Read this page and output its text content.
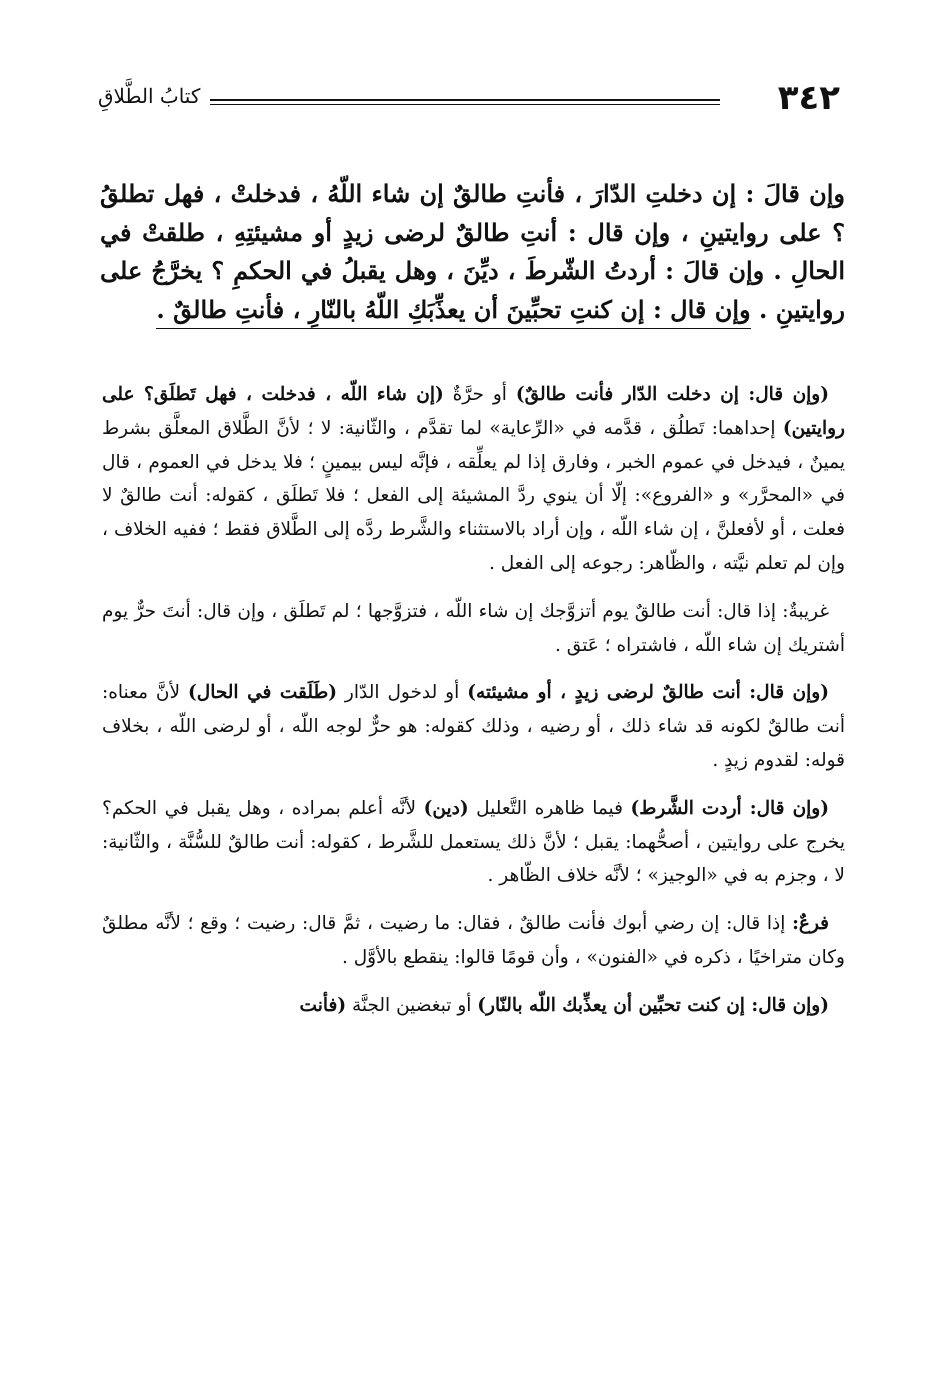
٣٤٢
كتابُ الطَّلاقِ

وإن قالَ : إن دخلتِ الدّارَ ، فأنتِ طالقٌ إن شاء اللّهُ ، فدخلتْ ، فهل تطلقُ ؟ على روايتينِ ، وإن قال : أنتِ طالقٌ لرضى زيدٍ أو مشيئتِهِ ، طلقتْ في الحالِ . وإن قالَ : أردتُ الشّرطَ ، ديِّنَ ، وهل يقبلُ في الحكمِ ؟ يخرَّجُ على روايتينِ . وإن قال : إن كنتِ تحبِّينَ أن يعذِّبَكِ اللّهُ بالنّارِ ، فأنتِ طالقٌ .

(وإن قال: إن دخلت الدّار فأنت طالقٌ) أو حرَّةٌ (إن شاء اللّه ، فدخلت ، فهل تَطلَق؟ على روايتين) إحداهما: تَطلُق ، قدَّمه في «الرِّعاية» لما تقدَّم ، والثّانية: لا ؛ لأنَّ الطَّلاق المعلَّق بشرط يمينٌ ، فيدخل في عموم الخبر ، وفارق إذا لم يعلِّقه ، فإنَّه ليس بيمينٍ ؛ فلا يدخل في العموم ، قال في «المحرَّر» و «الفروع»: إلّا أن ينوي ردَّ المشيئة إلى الفعل ؛ فلا تَطلَق ، كقوله: أنت طالقٌ لا فعلت ، أو لأفعلنَّ ، إن شاء اللّه ، وإن أراد بالاستثناء والشَّرط ردَّه إلى الطَّلاق فقط ؛ ففيه الخلاف ، وإن لم تعلم نيَّته ، والظّاهر: رجوعه إلى الفعل .

غريبةٌ: إذا قال: أنت طالقٌ يوم أتزوَّجك إن شاء اللّه ، فتزوَّجها ؛ لم تَطلَق ، وإن قال: أنتَ حرٌّ يوم أشتريك إن شاء اللّه ، فاشتراه ؛ عَتق .

(وإن قال: أنت طالقٌ لرضى زيدٍ ، أو مشيئته) أو لدخول الدّار (طَلَقت في الحال) لأنَّ معناه: أنت طالقٌ لكونه قد شاء ذلك ، أو رضيه ، وذلك كقوله: هو حرٌّ لوجه اللّه ، أو لرضى اللّه ، بخلاف قوله: لقدوم زيدٍ .

(وإن قال: أردت الشَّرط) فيما ظاهره التَّعليل (دين) لأنَّه أعلم بمراده ، وهل يقبل في الحكم؟ يخرج على روايتين ، أصحُّهما: يقبل ؛ لأنَّ ذلك يستعمل للشَّرط ، كقوله: أنت طالقٌ للسُّنَّة ، والثّانية: لا ، وجزم به في «الوجيز» ؛ لأنَّه خلاف الظّاهر .

فرعٌ: إذا قال: إن رضي أبوك فأنت طالقٌ ، فقال: ما رضيت ، ثمَّ قال: رضيت ؛ وقع ؛ لأنَّه مطلقٌ وكان متراخيًا ، ذكره في «الفنون» ، وأن قومًا قالوا: ينقطع بالأوَّل .

(وإن قال: إن كنت تحبِّين أن يعذِّبك اللّه بالنّار) أو تبغضين الجنَّة (فأنت
